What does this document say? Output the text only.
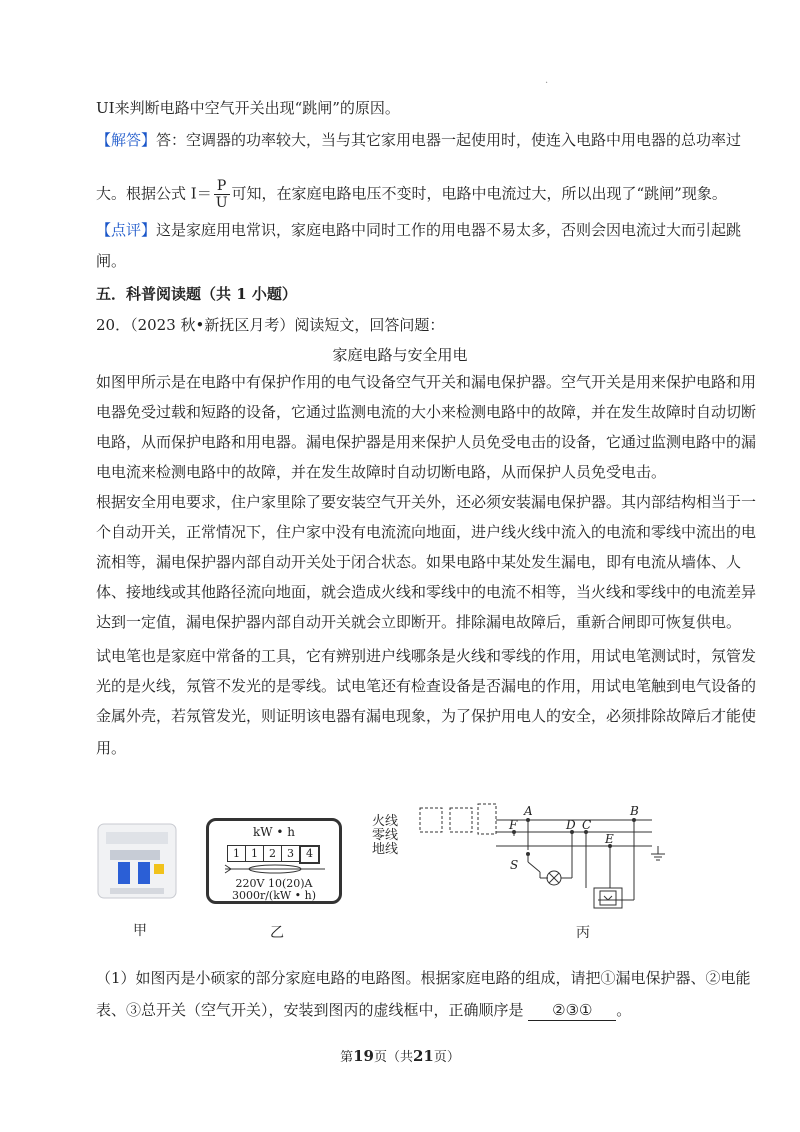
·
UI来判断电路中空气开关出现“跳闸”的原因。
【解答】答：空调器的功率较大，当与其它家用电器一起使用时，使连入电路中用电器的总功率过
大。根据公式 $I= \frac{P}{U}$ 可知，在家庭电路电压不变时，电路中电流过大，所以出现了“跳闸”现象。
【点评】这是家庭用电常识，家庭电路中同时工作的用电器不易太多，否则会因电流过大而引起跳
闸。
五．科普阅读题（共 1 小题）
20．（2023 秋•新抚区月考）阅读短文，回答问题：
家庭电路与安全用电
如图甲所示是在电路中有保护作用的电气设备空气开关和漏电保护器。空气开关是用来保护电路和用
电器免受过载和短路的设备，它通过监测电流的大小来检测电路中的故障，并在发生故障时自动切断
电路，从而保护电路和用电器。漏电保护器是用来保护人员免受电击的设备，它通过监测电路中的漏
电电流来检测电路中的故障，并在发生故障时自动切断电路，从而保护人员免受电击。
根据安全用电要求，住户家里除了要安装空气开关外，还必须安装漏电保护器。其内部结构相当于一
个自动开关，正常情况下，住户家中没有电流流向地面，进户线火线中流入的电流和零线中流出的电
流相等，漏电保护器内部自动开关处于闭合状态。如果电路中某处发生漏电，即有电流从墙体、人
体、接地线或其他路径流向地面，就会造成火线和零线中的电流不相等，当火线和零线中的电流差异
达到一定值，漏电保护器内部自动开关就会立即断开。排除漏电故障后，重新合闸即可恢复供电。
试电笔也是家庭中常备的工具，它有辨别进户线哪条是火线和零线的作用，用试电笔测试时，氖管发
光的是火线，氖管不发光的是零线。试电笔还有检查设备是否漏电的作用，用试电笔触到电气设备的
金属外壳，若氖管发光，则证明该电器有漏电现象，为了保护用电人的安全，必须排除故障后才能使
用。
甲
kW • h
1	1	2	3	4
220V 10(20)A
3000r/(kW • h)
乙
火线
零线
地线
A	B
F	D C
E
S
丙
（1）如图丙是小硕家的部分家庭电路的电路图。根据家庭电路的组成，请把①漏电保护器、②电能
表、③总开关（空气开关），安装到图丙的虚线框中，正确顺序是 ②③① 。
第19页（共21页）
